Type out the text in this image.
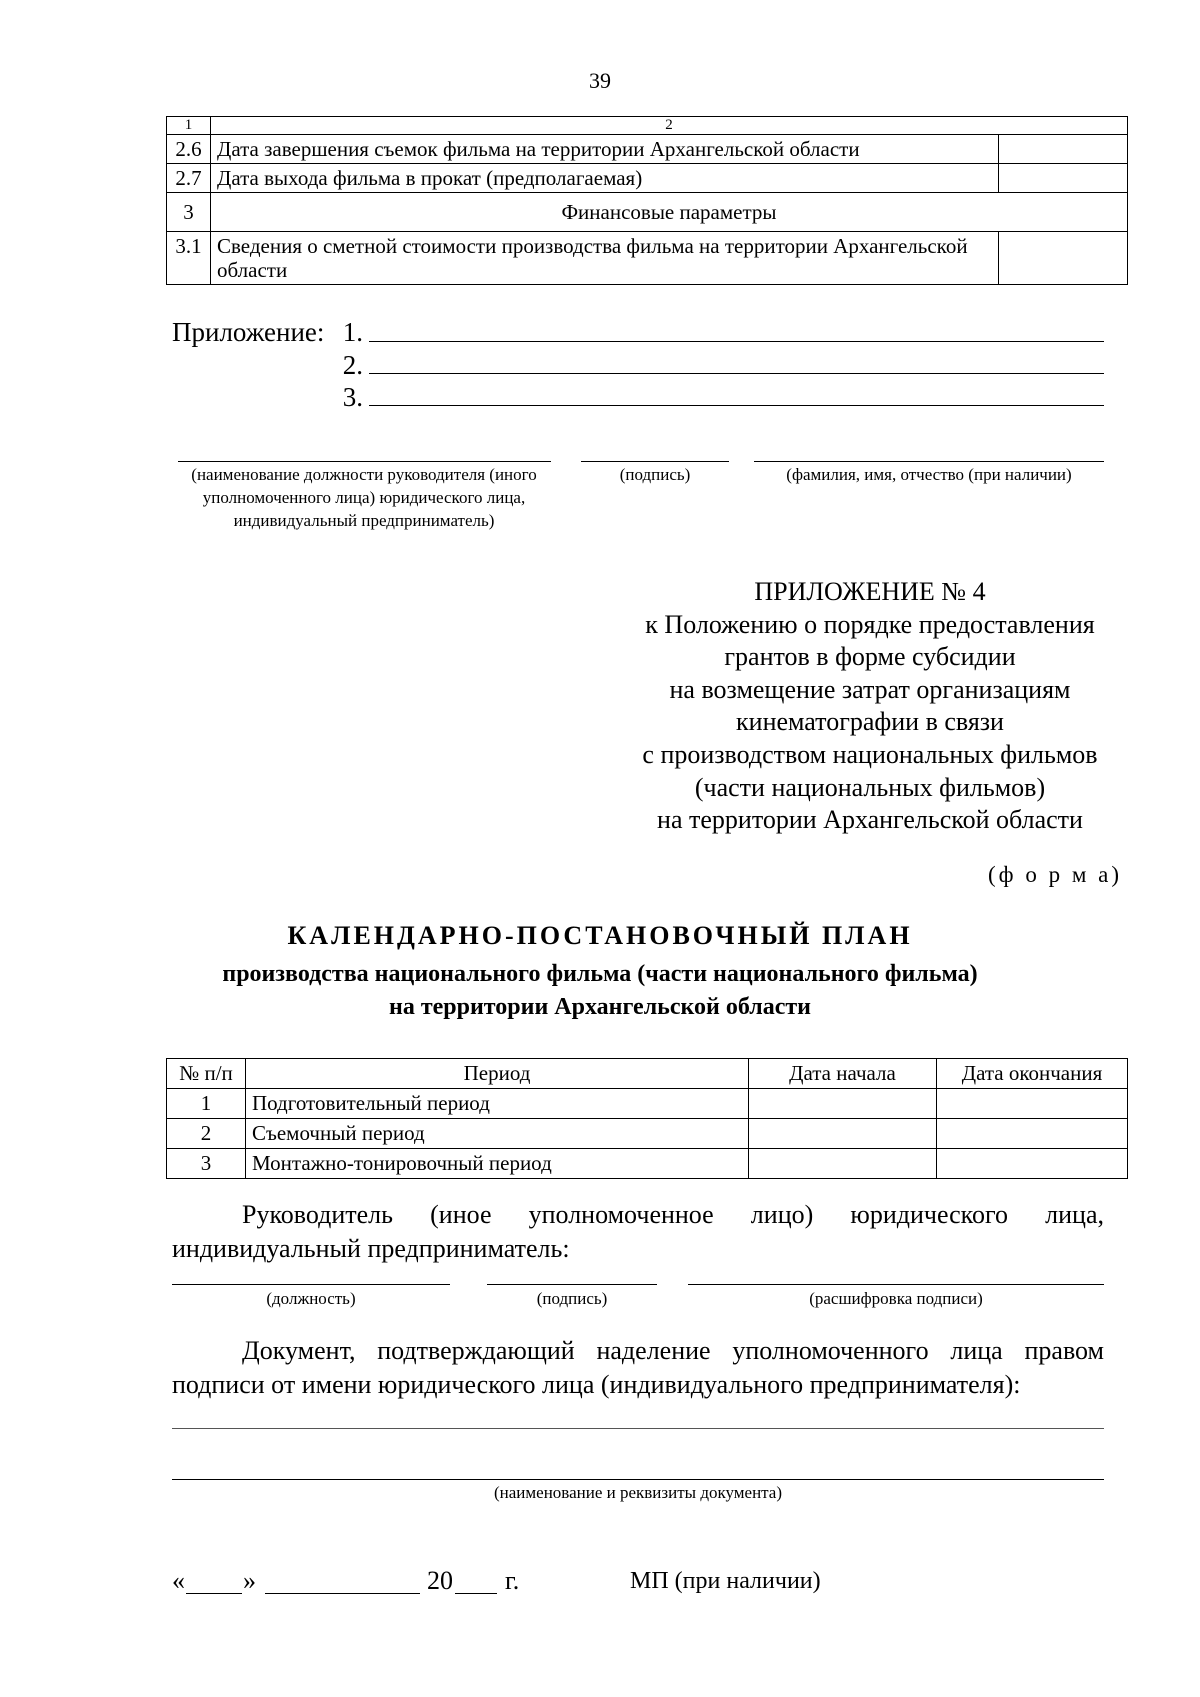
39
1	2	
2.6	Дата завершения съемок фильма на территории Архангельской области	
2.7	Дата выхода фильма в прокат (предполагаемая)	
3	Финансовые параметры	
3.1	Сведения о сметной стоимости производства фильма на территории Архангельской области	
Приложение: 1.
2.
3.
(наименование должности руководителя (иного уполномоченного лица) юридического лица, индивидуальный предприниматель)
(подпись)	(фамилия, имя, отчество (при наличии)
ПРИЛОЖЕНИЕ № 4
к Положению о порядке предоставления
грантов в форме субсидии
на возмещение затрат организациям
кинематографии в связи
с производством национальных фильмов
(части национальных фильмов)
на территории Архангельской области
(ф о р м а)
КАЛЕНДАРНО-ПОСТАНОВОЧНЫЙ ПЛАН
производства национального фильма (части национального фильма)
на территории Архангельской области
№ п/п	Период	Дата начала	Дата окончания
1	Подготовительный период		
2	Съемочный период		
3	Монтажно-тонировочный период		
Руководитель (иное уполномоченное лицо) юридического лица, индивидуальный предприниматель:
(должность)	(подпись)	(расшифровка подписи)
Документ, подтверждающий наделение уполномоченного лица правом подписи от имени юридического лица (индивидуального предпринимателя):
(наименование и реквизиты документа)
« »	20 г.	МП (при наличии)
